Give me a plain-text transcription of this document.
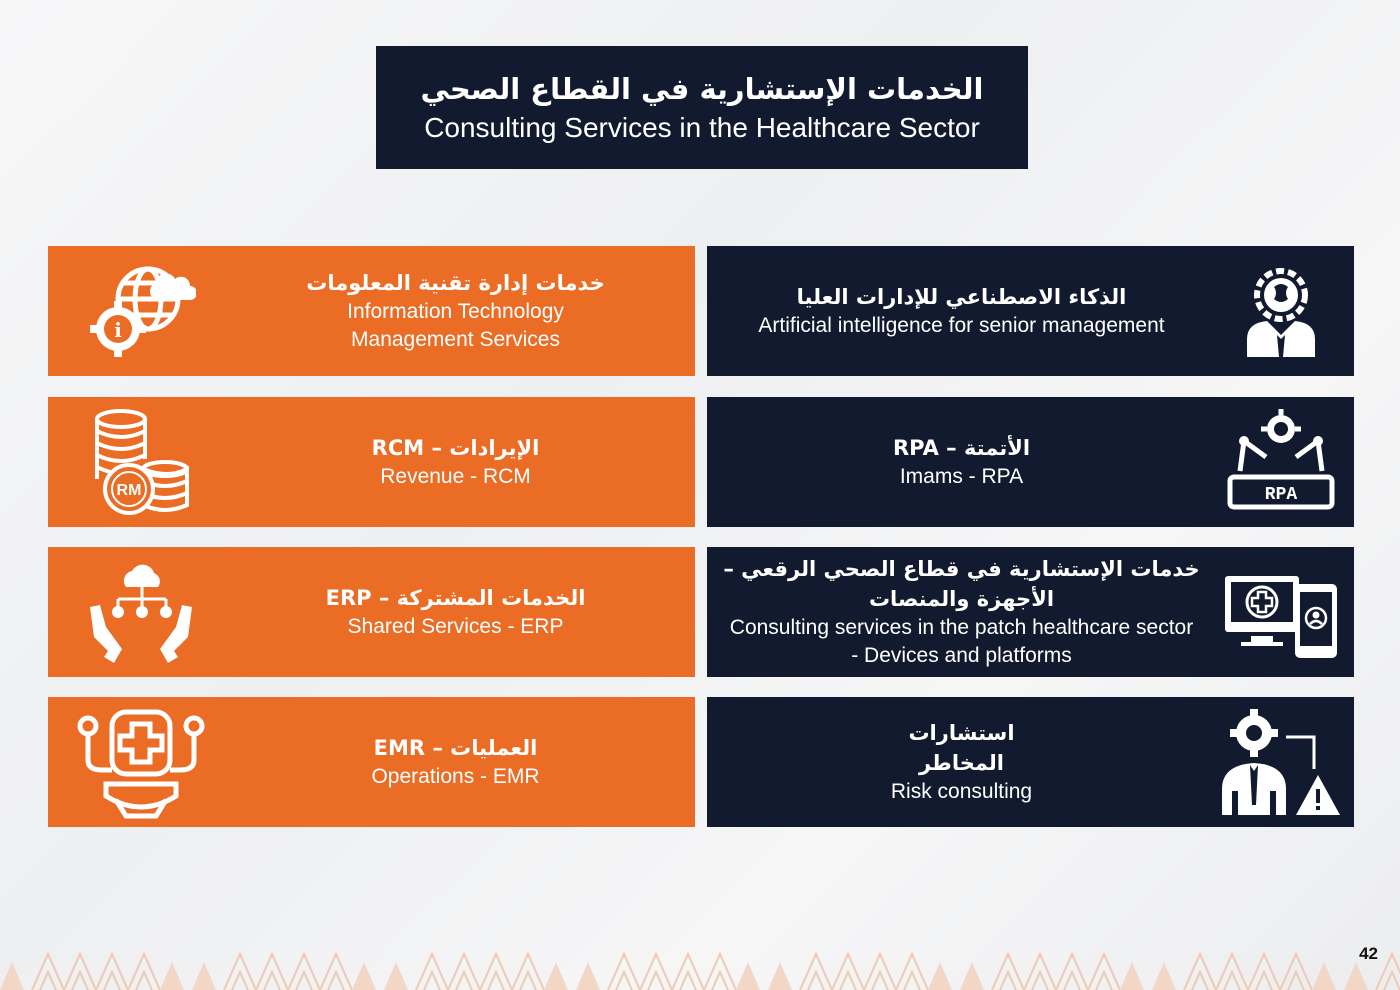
الخدمات الإستشارية في القطاع الصحي
Consulting Services in the Healthcare Sector
i
خدمات إدارة تقنية المعلومات
Information Technology
Management Services
الذكاء الاصطناعي للإدارات العليا
Artificial intelligence for senior management
RM
الإيرادات – RCM
Revenue - RCM
الأتمتة – RPA
Imams - RPA
RPA
الخدمات المشتركة – ERP
Shared Services - ERP
خدمات الإستشارية في قطاع الصحي الرقعي –
الأجهزة والمنصات
Consulting services in the patch healthcare sector
- Devices and platforms
العمليات – EMR
Operations - EMR
استشارات
المخاطر
Risk consulting
42
